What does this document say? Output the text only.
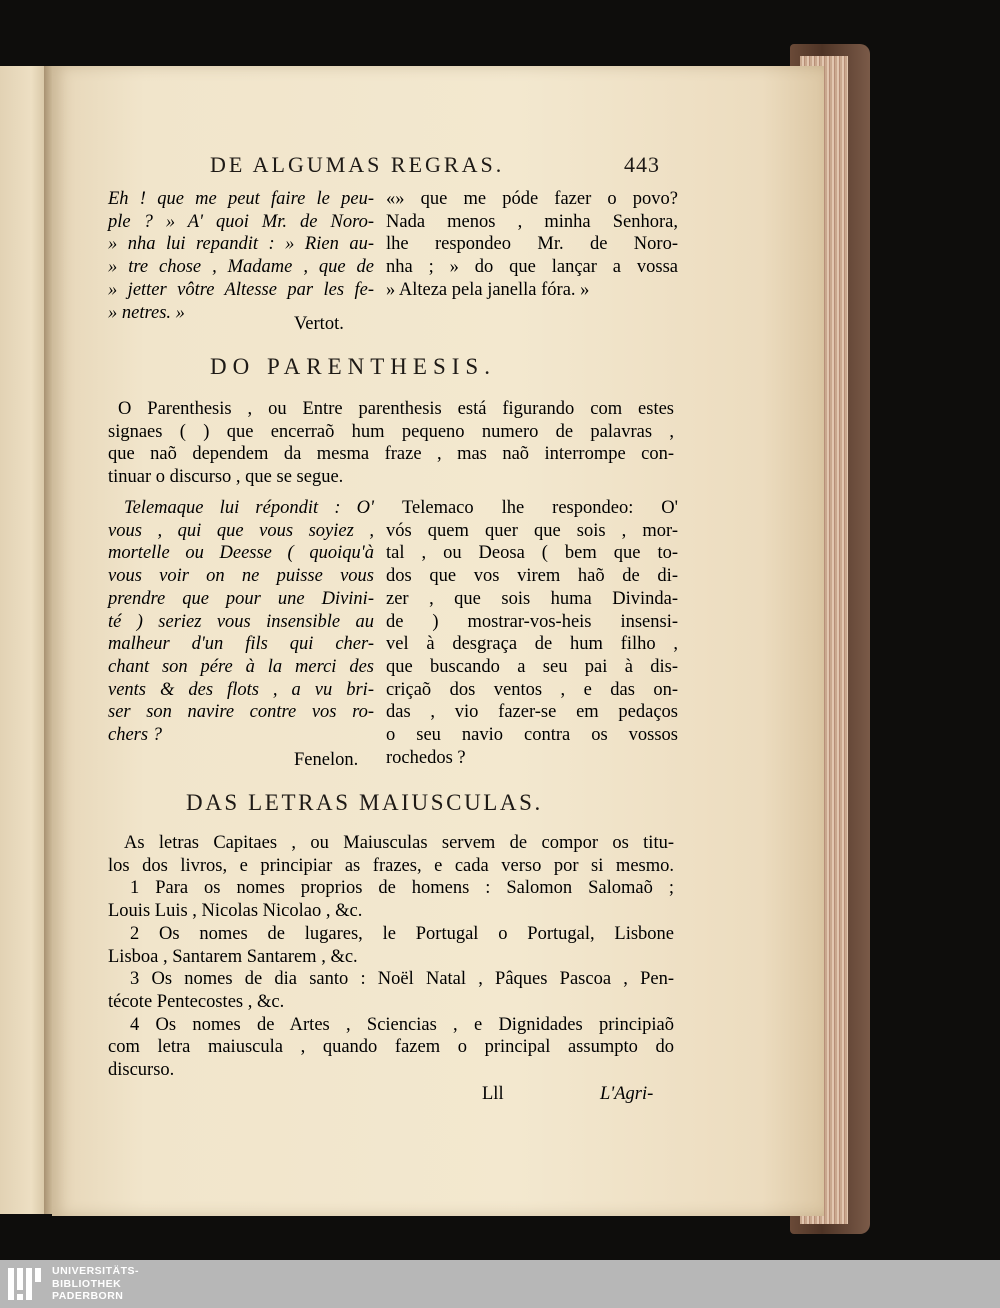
DE ALGUMAS REGRAS.	443
Eh ! que me peut faire le peu-
ple ? » A' quoi Mr. de Noro-
» nha lui repandit : » Rien au-
» tre chose , Madame , que de
» jetter vôtre Altesse par les fe-
» netres. »
«» que me póde fazer o povo?
Nada menos , minha Senhora,
lhe respondeo Mr. de Noro-
nha ; » do que lançar a vossa
» Alteza pela janella fóra. »
Vertot.
DO PARENTHESIS.
O Parenthesis , ou Entre parenthesis está figurando com estes
signaes ( ) que encerraõ hum pequeno numero de palavras ,
que naõ dependem da mesma fraze , mas naõ interrompe con-
tinuar o discurso , que se segue.
Telemaque lui répondit : O'
vous , qui que vous soyiez ,
mortelle ou Deesse ( quoiqu'à
vous voir on ne puisse vous
prendre que pour une Divini-
té ) seriez vous insensible au
malheur d'un fils qui cher-
chant son pére à la merci des
vents & des flots , a vu bri-
ser son navire contre vos ro-
chers ?
Telemaco lhe respondeo: O'
vós quem quer que sois , mor-
tal , ou Deosa ( bem que to-
dos que vos virem haõ de di-
zer , que sois huma Divinda-
de ) mostrar-vos-heis insensi-
vel à desgraça de hum filho ,
que buscando a seu pai à dis-
criçaõ dos ventos , e das on-
das , vio fazer-se em pedaços
o seu navio contra os vossos
rochedos ?
Fenelon.
DAS LETRAS MAIUSCULAS.
As letras Capitaes , ou Maiusculas servem de compor os titu-
los dos livros, e principiar as frazes, e cada verso por si mesmo.
1 Para os nomes proprios de homens : Salomon Salomaõ ;
Louis Luis , Nicolas Nicolao , &c.
2 Os nomes de lugares, le Portugal o Portugal, Lisbone
Lisboa , Santarem Santarem , &c.
3 Os nomes de dia santo : Noël Natal , Pâques Pascoa , Pen-
técote Pentecostes , &c.
4 Os nomes de Artes , Sciencias , e Dignidades principiaõ
com letra maiuscula , quando fazem o principal assumpto do
discurso.
Lll	L'Agri-
UNIVERSITÄTS-
BIBLIOTHEK
PADERBORN
